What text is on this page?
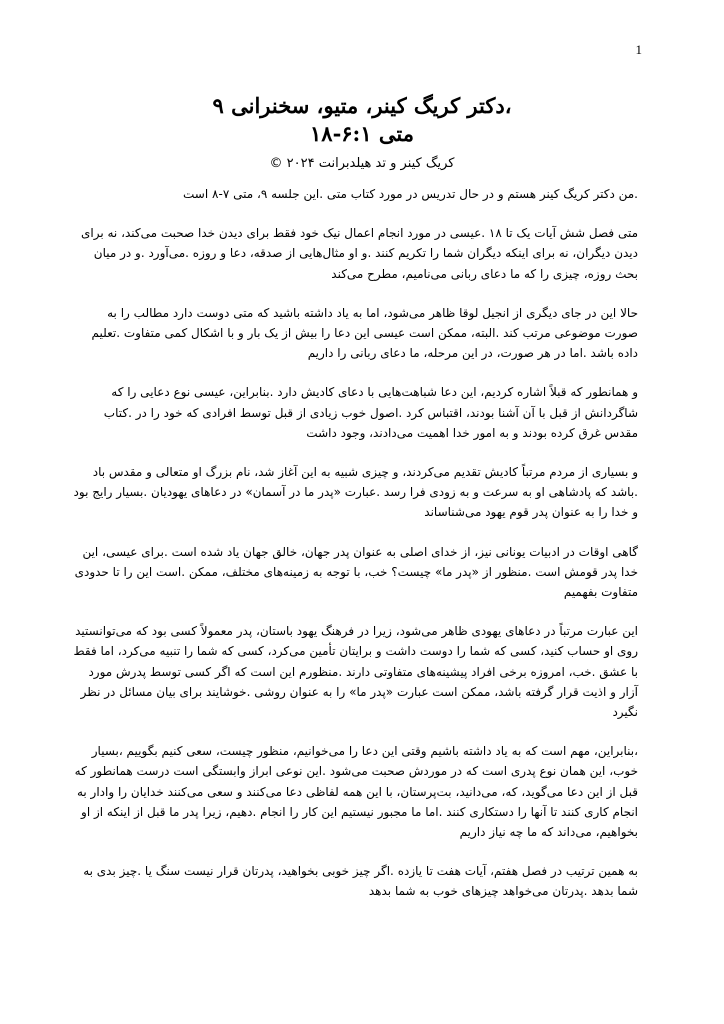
1

،دکتر کریگ کینر، متیو، سخنرانی ۹

متی ۶:۱-۱۸

کریگ کینر و تد هیلدبرانت ۲۰۲۴ ©

.من دکتر کریگ کینر هستم و در حال تدریس در مورد کتاب متی .این جلسه ۹، متی ۷-۸ است

متی فصل شش آیات یک تا ۱۸ .عیسی در مورد انجام اعمال نیک خود فقط برای دیدن خدا صحبت می‌کند، نه برای دیدن دیگران، نه برای اینکه دیگران شما را تکریم کنند .و او مثال‌هایی از صدقه، دعا و روزه .می‌آورد .و در میان بحث روزه، چیزی را که ما دعای ربانی می‌نامیم، مطرح می‌کند

حالا این در جای دیگری از انجیل لوقا ظاهر می‌شود، اما به یاد داشته باشید که متی دوست دارد مطالب را به صورت موضوعی مرتب کند .البته، ممکن است عیسی این دعا را بیش از یک بار و با اشکال کمی متفاوت .تعلیم داده باشد .اما در هر صورت، در این مرحله، ما دعای ربانی را داریم

و همانطور که قبلاً اشاره کردیم، این دعا شباهت‌هایی با دعای کادیش دارد .بنابراین، عیسی نوع دعایی را که شاگردانش از قبل با آن آشنا بودند، اقتباس کرد .اصول خوب زیادی از قبل توسط افرادی که خود را در .کتاب مقدس غرق کرده بودند و به امور خدا اهمیت می‌دادند، وجود داشت

و بسیاری از مردم مرتباً کادیش تقدیم می‌کردند، و چیزی شبیه به این آغاز شد، نام بزرگ او متعالی و مقدس باد .باشد که پادشاهی او به سرعت و به زودی فرا رسد .عبارت «پدر ما در آسمان» در دعاهای یهودیان .بسیار رایج بود و خدا را به عنوان پدر قوم یهود می‌شناساند

گاهی اوقات در ادبیات یونانی نیز، از خدای اصلی به عنوان پدر جهان، خالق جهان یاد شده است .برای عیسی، این خدا پدر قومش است .منظور از «پدر ما» چیست؟ خب، با توجه به زمینه‌های مختلف، ممکن .است این را تا حدودی متفاوت بفهمیم

این عبارت مرتباً در دعاهای یهودی ظاهر می‌شود، زیرا در فرهنگ یهود باستان، پدر معمولاً کسی بود که می‌توانستید روی او حساب کنید، کسی که شما را دوست داشت و برایتان تأمین می‌کرد، کسی که شما را تنبیه می‌کرد، اما فقط با عشق .خب، امروزه برخی افراد پیشینه‌های متفاوتی دارند .منظورم این است که اگر کسی توسط پدرش مورد آزار و اذیت قرار گرفته باشد، ممکن است عبارت «پدر ما» را به عنوان روشی .خوشایند برای بیان مسائل در نظر نگیرد

،بنابراین، مهم است که به یاد داشته باشیم وقتی این دعا را می‌خوانیم، منظور چیست، سعی کنیم بگوییم ،بسیار خوب، این همان نوع پدری است که در موردش صحبت می‌شود .این نوعی ابراز وابستگی است درست همانطور که قبل از این دعا می‌گوید، که، می‌دانید، بت‌پرستان، با این همه لفاظی دعا می‌کنند و سعی می‌کنند خدایان را وادار به انجام کاری کنند تا آنها را دستکاری کنند .اما ما مجبور نیستیم این کار را انجام .دهیم، زیرا پدر ما قبل از اینکه از او بخواهیم، می‌داند که ما چه نیاز داریم

به همین ترتیب در فصل هفتم، آیات هفت تا یازده .اگر چیز خوبی بخواهید، پدرتان قرار نیست سنگ یا .چیز بدی به شما بدهد .پدرتان می‌خواهد چیزهای خوب به شما بدهد
